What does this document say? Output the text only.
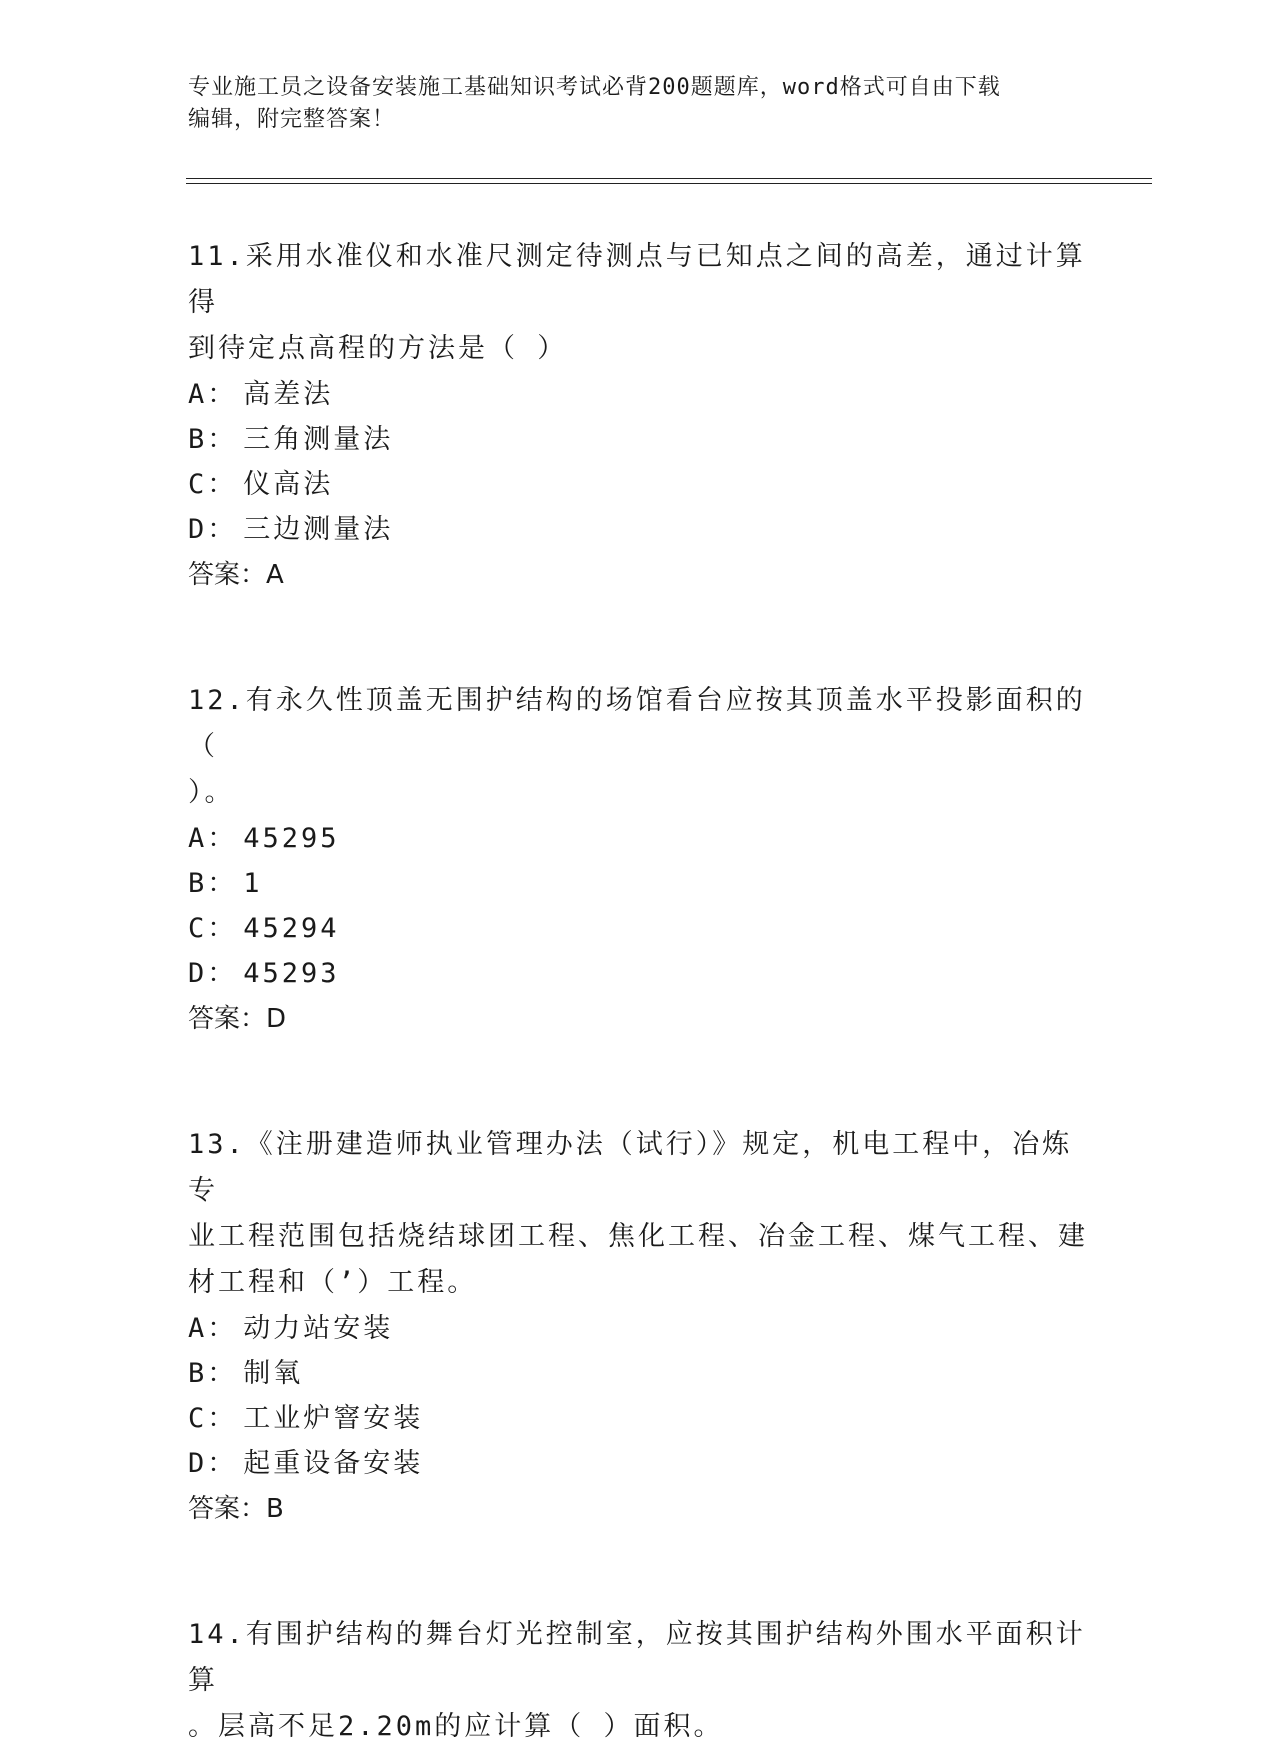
专业施工员之设备安装施工基础知识考试必背200题题库，word格式可自由下载
编辑，附完整答案！
11.采用水准仪和水准尺测定待测点与已知点之间的高差，通过计算得
到待定点高程的方法是（ ）
A： 高差法
B： 三角测量法
C： 仪高法
D： 三边测量法
答案：A
12.有永久性顶盖无围护结构的场馆看台应按其顶盖水平投影面积的（
）。
A： 45295
B： 1
C： 45294
D： 45293
答案：D
13.《注册建造师执业管理办法（试行）》规定，机电工程中，冶炼专
业工程范围包括烧结球团工程、焦化工程、冶金工程、煤气工程、建
材工程和（’）工程。
A： 动力站安装
B： 制氧
C： 工业炉窨安装
D： 起重设备安装
答案：B
14.有围护结构的舞台灯光控制室，应按其围护结构外围水平面积计算
。层高不足2.20m的应计算（ ）面积。
